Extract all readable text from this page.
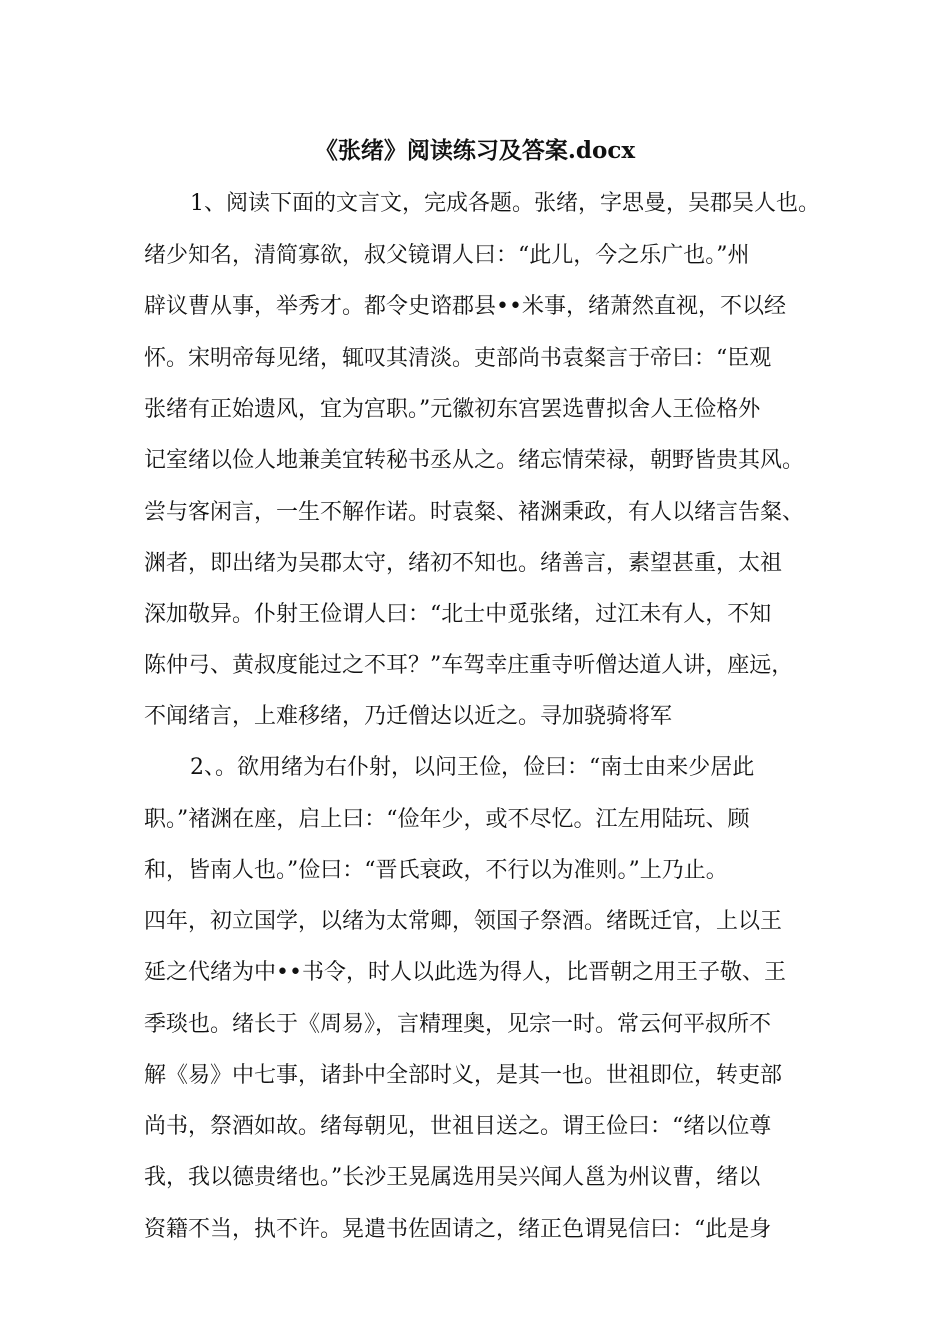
《张绪》阅读练习及答案.docx
1、阅读下面的文言文，完成各题。张绪，字思曼，吴郡吴人也。
绪少知名，清简寡欲，叔父镜谓人曰：“此儿，今之乐广也。”州
辟议曹从事，举秀才。都令史谘郡县••米事，绪萧然直视，不以经
怀。宋明帝每见绪，辄叹其清淡。吏部尚书袁粲言于帝曰：“臣观
张绪有正始遗风，宜为宫职。”元徽初东宫罢选曹拟舍人王俭格外
记室绪以俭人地兼美宜转秘书丞从之。绪忘情荣禄，朝野皆贵其风。
尝与客闲言，一生不解作诺。时袁粲、褚渊秉政，有人以绪言告粲、
渊者，即出绪为吴郡太守，绪初不知也。绪善言，素望甚重，太祖
深加敬异。仆射王俭谓人曰：“北士中觅张绪，过江未有人，不知
陈仲弓、黄叔度能过之不耳？”车驾幸庄重寺听僧达道人讲，座远，
不闻绪言，上难移绪，乃迁僧达以近之。寻加骁骑将军
2、。欲用绪为右仆射，以问王俭，俭曰：“南士由来少居此
职。”褚渊在座，启上曰：“俭年少，或不尽忆。江左用陆玩、顾
和，皆南人也。”俭曰：“晋氏衰政，不行以为准则。”上乃止。
四年，初立国学，以绪为太常卿，领国子祭酒。绪既迁官，上以王
延之代绪为中••书令，时人以此选为得人，比晋朝之用王子敬、王
季琰也。绪长于《周易》，言精理奥，见宗一时。常云何平叔所不
解《易》中七事，诸卦中全部时义，是其一也。世祖即位，转吏部
尚书，祭酒如故。绪每朝见，世祖目送之。谓王俭曰：“绪以位尊
我，我以德贵绪也。”长沙王晃属选用吴兴闻人邕为州议曹，绪以
资籍不当，执不许。晃遣书佐固请之，绪正色谓晃信曰：“此是身
